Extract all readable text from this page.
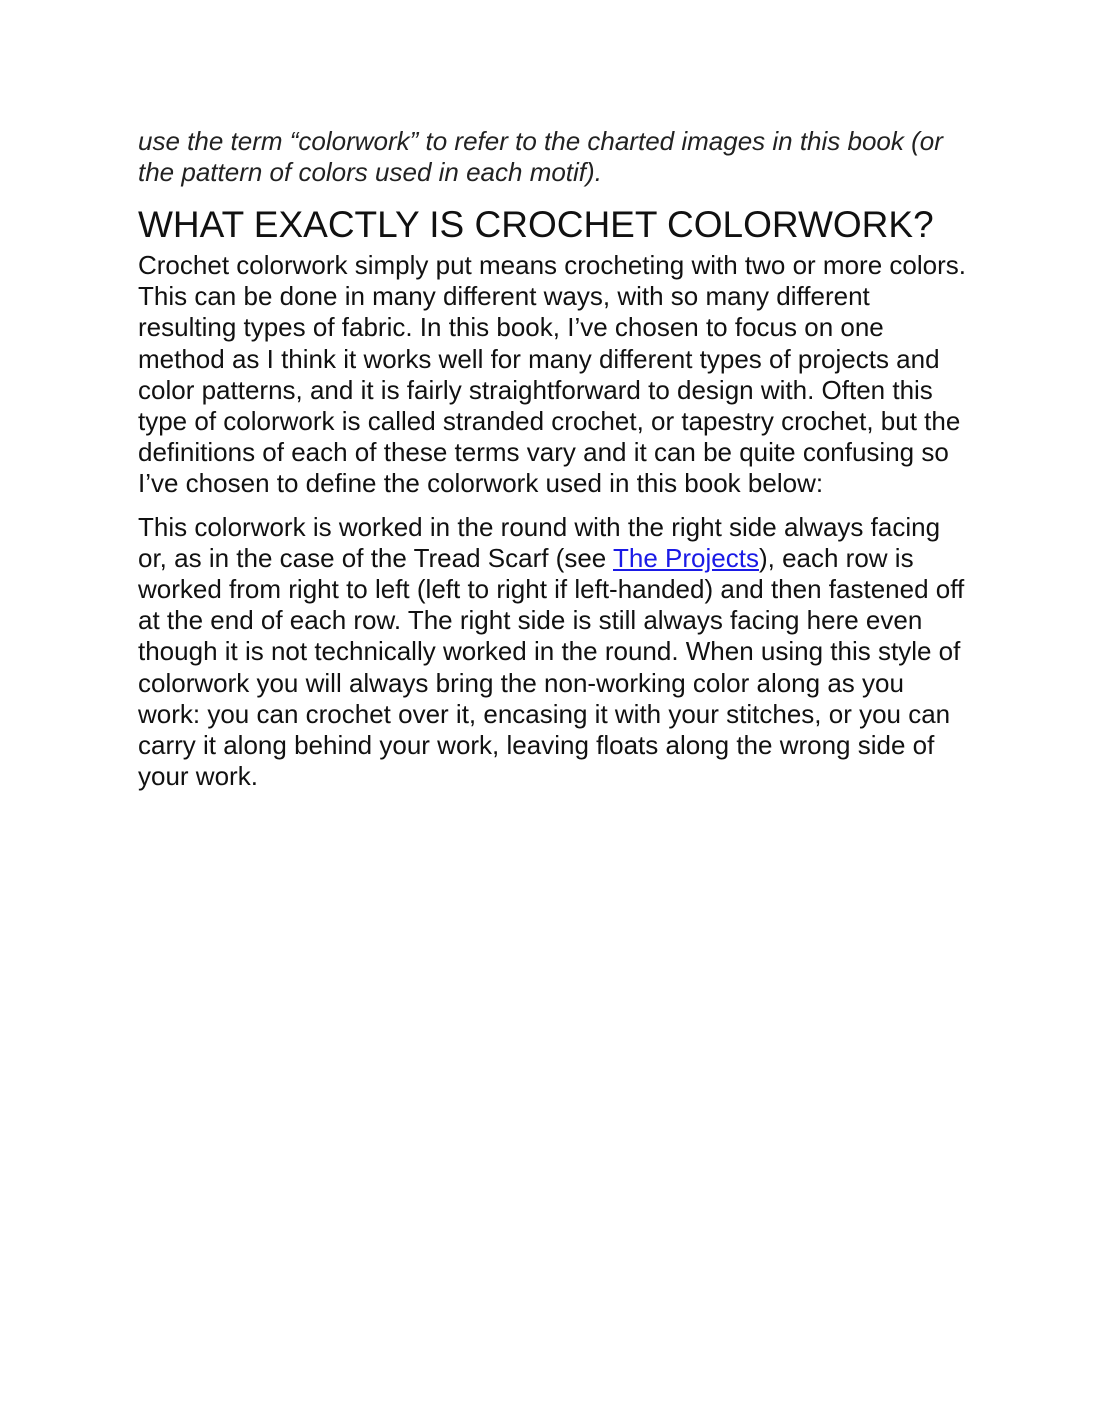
use the term “colorwork” to refer to the charted images in this book (or the pattern of colors used in each motif).

WHAT EXACTLY IS CROCHET COLORWORK?

Crochet colorwork simply put means crocheting with two or more colors. This can be done in many different ways, with so many different resulting types of fabric. In this book, I’ve chosen to focus on one method as I think it works well for many different types of projects and color patterns, and it is fairly straightforward to design with. Often this type of colorwork is called stranded crochet, or tapestry crochet, but the definitions of each of these terms vary and it can be quite confusing so I’ve chosen to define the colorwork used in this book below:

This colorwork is worked in the round with the right side always facing or, as in the case of the Tread Scarf (see The Projects), each row is worked from right to left (left to right if left-handed) and then fastened off at the end of each row. The right side is still always facing here even though it is not technically worked in the round. When using this style of colorwork you will always bring the non-working color along as you work: you can crochet over it, encasing it with your stitches, or you can carry it along behind your work, leaving floats along the wrong side of your work.
